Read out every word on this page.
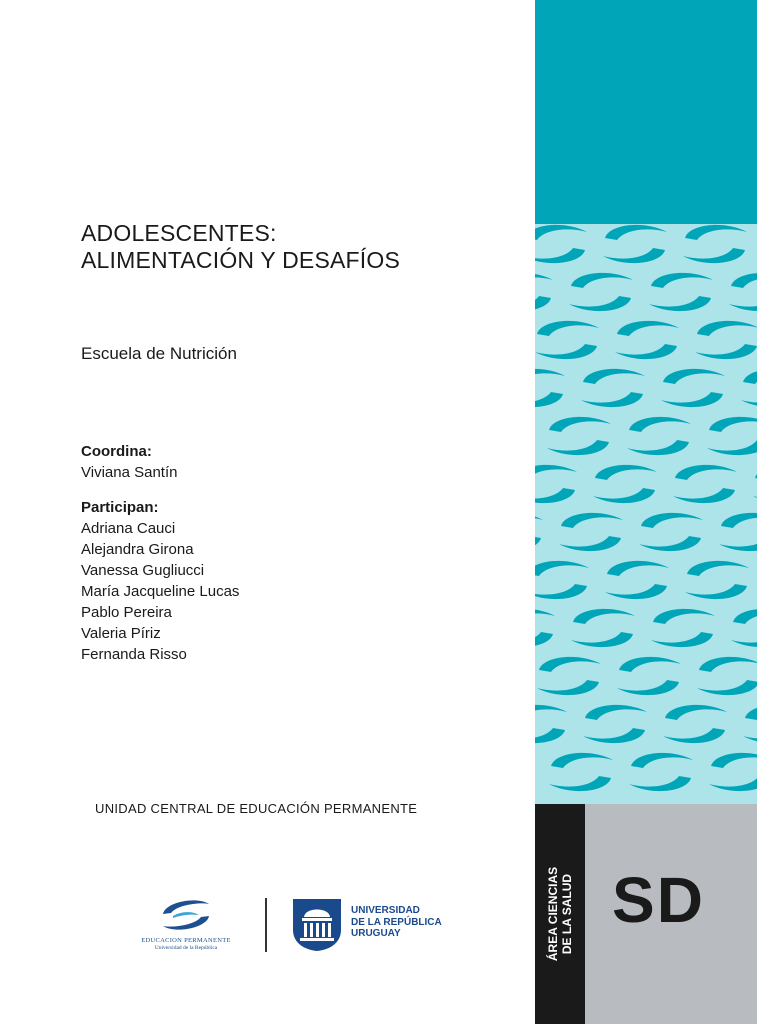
ADOLESCENTES:
ALIMENTACIÓN Y DESAFÍOS
Escuela de Nutrición
Coordina:
Viviana Santín
Participan:
Adriana Cauci
Alejandra Girona
Vanessa Gugliucci
María Jacqueline Lucas
Pablo Pereira
Valeria Píriz
Fernanda Risso
UNIDAD CENTRAL DE EDUCACIÓN PERMANENTE
EDUCACION PERMANENTE
Universidad de la República
UNIVERSIDAD
DE LA REPÚBLICA
URUGUAY	ÁREA CIENCIAS DE LA SALUD SD
